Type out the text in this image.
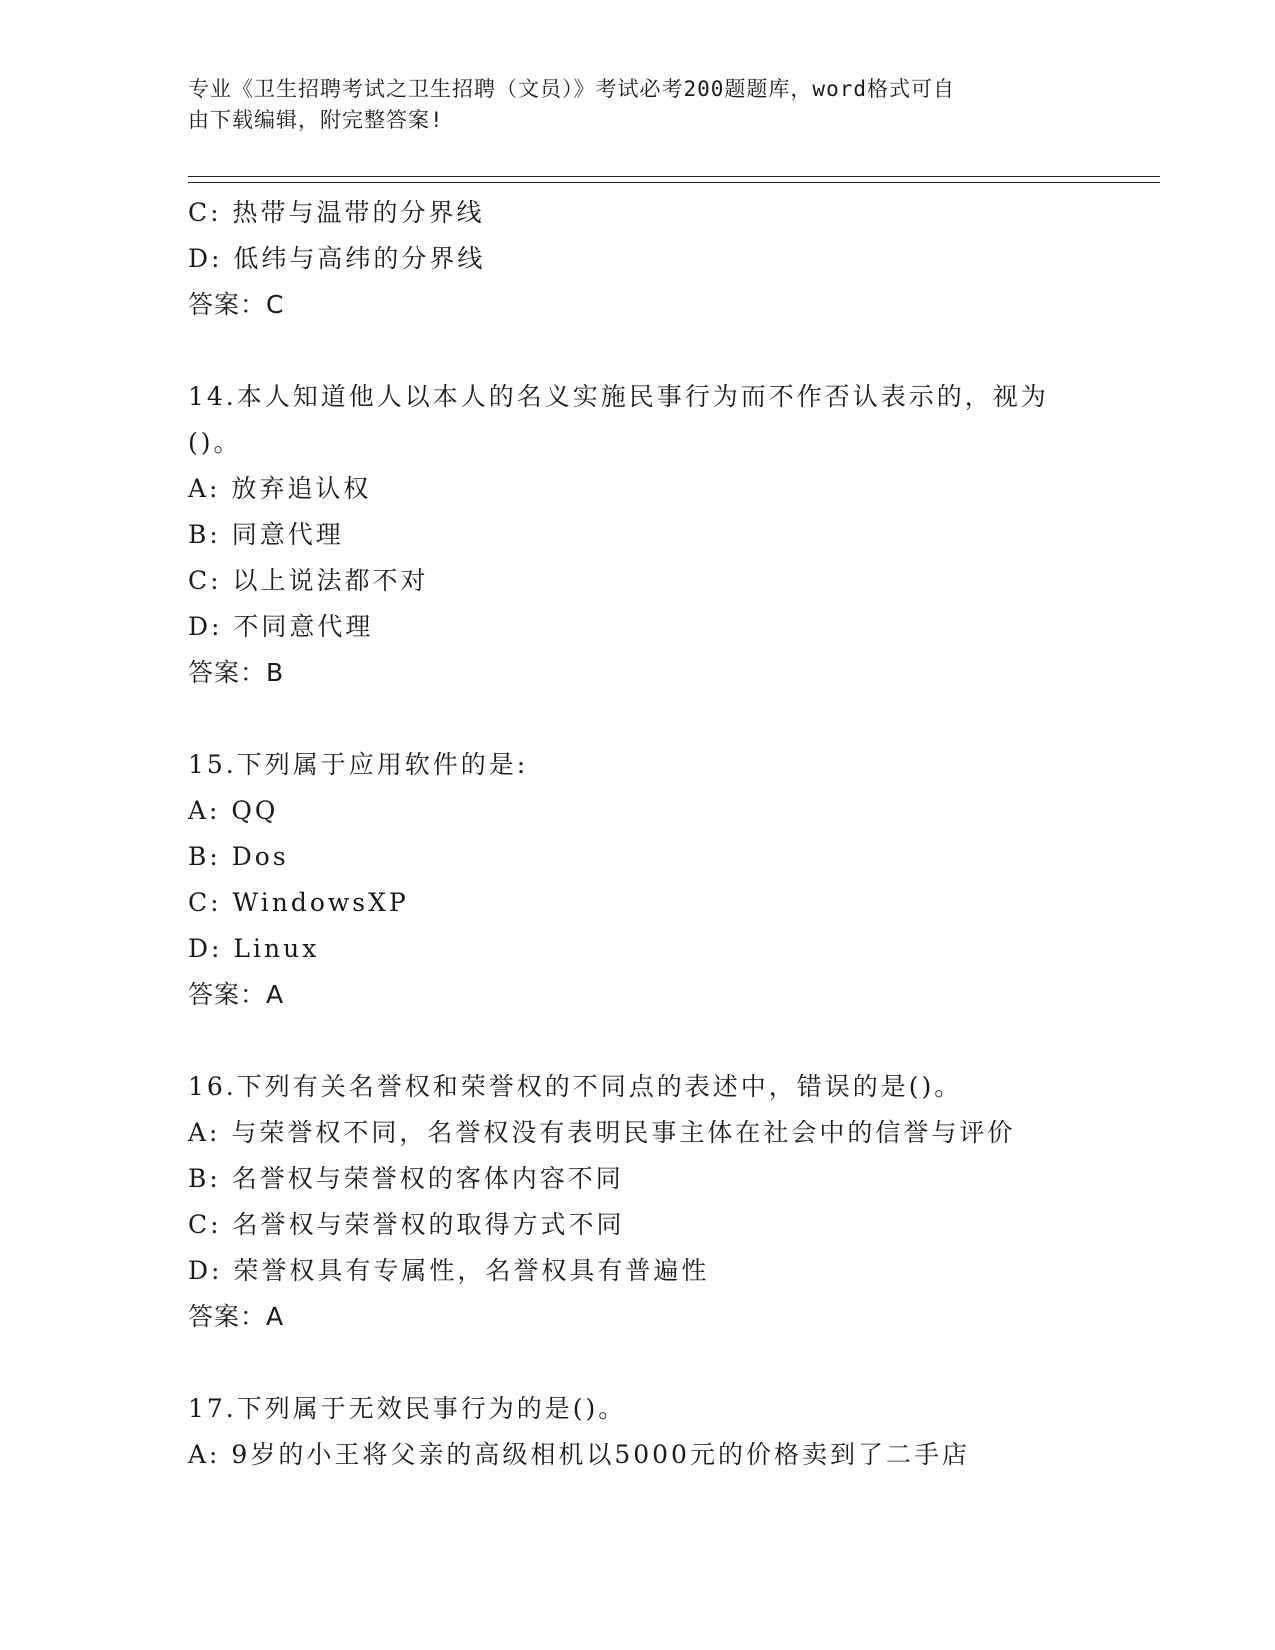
专业《卫生招聘考试之卫生招聘（文员）》考试必考200题题库，word格式可自
由下载编辑，附完整答案!
C: 热带与温带的分界线
D: 低纬与高纬的分界线
答案：C
14.本人知道他人以本人的名义实施民事行为而不作否认表示的，视为
()。
A: 放弃追认权
B: 同意代理
C: 以上说法都不对
D: 不同意代理
答案：B
15.下列属于应用软件的是:
A: QQ
B: Dos
C: WindowsXP
D: Linux
答案：A
16.下列有关名誉权和荣誉权的不同点的表述中，错误的是()。
A: 与荣誉权不同，名誉权没有表明民事主体在社会中的信誉与评价
B: 名誉权与荣誉权的客体内容不同
C: 名誉权与荣誉权的取得方式不同
D: 荣誉权具有专属性，名誉权具有普遍性
答案：A
17.下列属于无效民事行为的是()。
A: 9岁的小王将父亲的高级相机以5000元的价格卖到了二手店
